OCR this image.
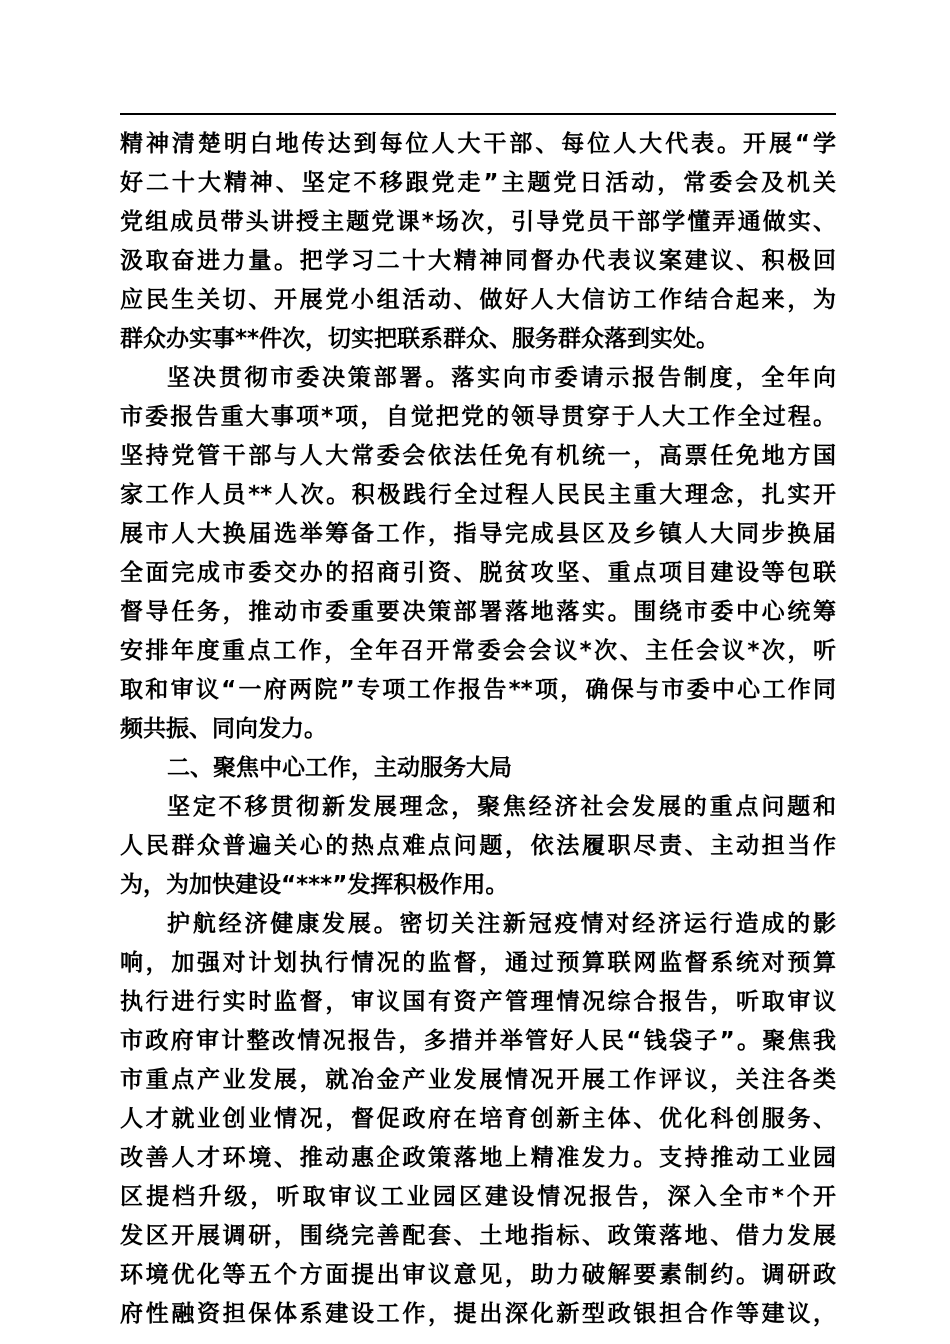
精神清楚明白地传达到每位人大干部、每位人大代表。开展“学
好二十大精神、坚定不移跟党走”主题党日活动，常委会及机关
党组成员带头讲授主题党课*场次，引导党员干部学懂弄通做实、
汲取奋进力量。把学习二十大精神同督办代表议案建议、积极回
应民生关切、开展党小组活动、做好人大信访工作结合起来，为
群众办实事**件次，切实把联系群众、服务群众落到实处。
坚决贯彻市委决策部署。落实向市委请示报告制度，全年向
市委报告重大事项*项，自觉把党的领导贯穿于人大工作全过程。
坚持党管干部与人大常委会依法任免有机统一，高票任免地方国
家工作人员**人次。积极践行全过程人民民主重大理念，扎实开
展市人大换届选举筹备工作，指导完成县区及乡镇人大同步换届
全面完成市委交办的招商引资、脱贫攻坚、重点项目建设等包联
督导任务，推动市委重要决策部署落地落实。围绕市委中心统筹
安排年度重点工作，全年召开常委会会议*次、主任会议*次，听
取和审议“一府两院”专项工作报告**项，确保与市委中心工作同
频共振、同向发力。
二、聚焦中心工作，主动服务大局
坚定不移贯彻新发展理念，聚焦经济社会发展的重点问题和
人民群众普遍关心的热点难点问题，依法履职尽责、主动担当作
为，为加快建设“***”发挥积极作用。
护航经济健康发展。密切关注新冠疫情对经济运行造成的影
响，加强对计划执行情况的监督，通过预算联网监督系统对预算
执行进行实时监督，审议国有资产管理情况综合报告，听取审议
市政府审计整改情况报告，多措并举管好人民“钱袋子”。聚焦我
市重点产业发展，就冶金产业发展情况开展工作评议，关注各类
人才就业创业情况，督促政府在培育创新主体、优化科创服务、
改善人才环境、推动惠企政策落地上精准发力。支持推动工业园
区提档升级，听取审议工业园区建设情况报告，深入全市*个开
发区开展调研，围绕完善配套、土地指标、政策落地、借力发展
环境优化等五个方面提出审议意见，助力破解要素制约。调研政
府性融资担保体系建设工作，提出深化新型政银担合作等建议，
